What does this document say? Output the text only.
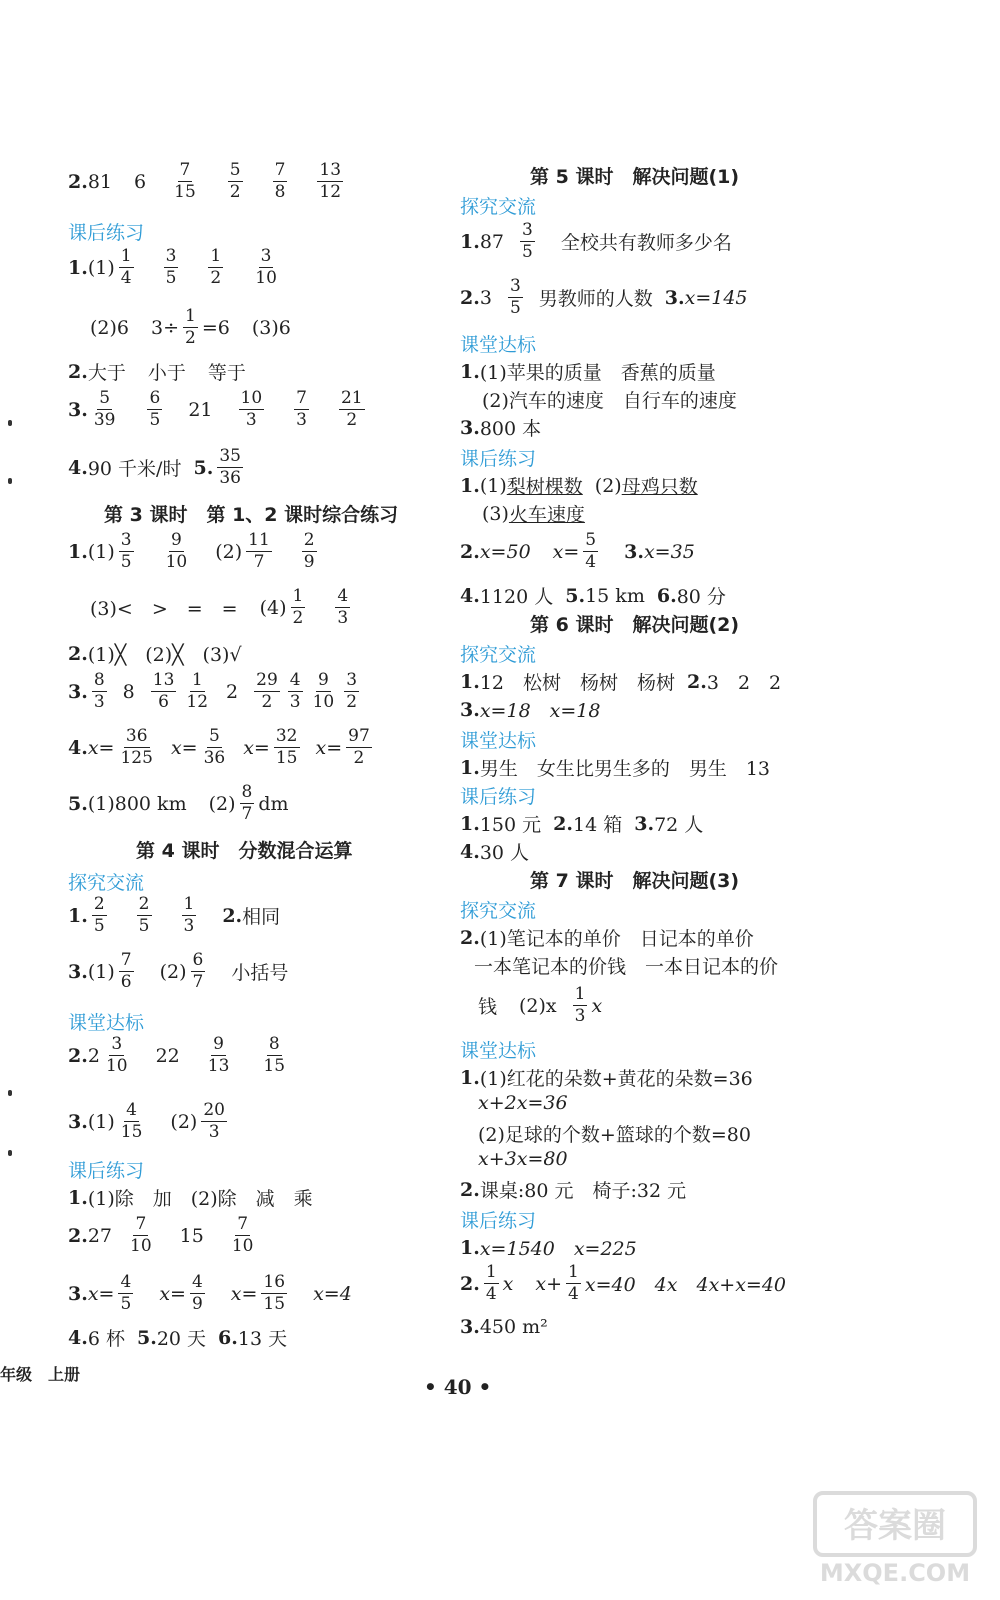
2. 81 $6 \frac{7}{15} \frac{5}{2} \frac{7}{8} \frac{13}{12}$
课后练习
1. $(1) \frac{1}{4} \frac{3}{5} \frac{1}{2} \frac{3}{10}$
(2)6 $3\div \frac{1}{2} =6$ (3)6
2. 大于 小于 等于
3. $\frac{5}{39} \frac{6}{5} 21 \frac{10}{3} \frac{7}{3} \frac{21}{2}$
4. 90 千米/时 5. $\frac{35}{36}$
第 3 课时　第 1、2 课时综合练习
1. $(1) \frac{3}{5} \frac{9}{10} (2) \frac{11}{7} \frac{2}{9}$
(3)<　>　=　= $(4) \frac{1}{2} \frac{4}{3}$
2. (1)╳　(2)╳　(3)√
3. $\frac{8}{3} 8 \frac{13}{6} \frac{1}{12} 2 \frac{29}{2} \frac{4}{3} \frac{9}{10} \frac{3}{2}$
4. $x= \frac{36}{125} x= \frac{5}{36} x= \frac{32}{15} x= \frac{97}{2}$
5. (1)800 km $(2) \frac{8}{7}$ dm
第 4 课时　分数混合运算
探究交流
1. $\frac{2}{5} \frac{2}{5} \frac{1}{3} 2$. 相同
3. $(1) \frac{7}{6} (2) \frac{6}{7}$ 小括号
课堂达标
2. $2 \frac{3}{10} 22 \frac{9}{13} \frac{8}{15}$
3. $(1) \frac{4}{15} (2) \frac{20}{3}$
课后练习
1. (1)除　加　(2)除　减　乘
2. $27 \frac{7}{10} 15 \frac{7}{10}$
3. $x= \frac{4}{5} x= \frac{4}{9} x= \frac{16}{15} x=4$
4. 6 杯 5. 20 天 6. 13 天
第 5 课时　解决问题(1)
探究交流
1. $87 \frac{3}{5}$ 全校共有教师多少名
2. $3 \frac{3}{5}$ 男教师的人数 3. x=145
课堂达标
1. (1)苹果的质量　香蕉的质量
(2)汽车的速度　自行车的速度
3. 800 本
课后练习
1. (1) 梨树棵数 (2) 母鸡只数
(3) 火车速度
2. x=50 $x= \frac{5}{4} 3$. x=35
4. 1120 人 5. 15 km 6. 80 分
第 6 课时　解决问题(2)
探究交流
1. 12　松树　杨树　杨树 2. 3　2　2
3. x=18　x=18
课堂达标
1. 男生　女生比男生多的　男生　13
课后练习
1. 150 元 2. 14 箱 3. 72 人
4. 30 人
第 7 课时　解决问题(3)
探究交流
2. (1)笔记本的单价　日记本的单价
一本笔记本的价钱　一本日记本的价
钱 $(2)x \frac{1}{3}$ x
课堂达标
1. (1)红花的朵数+黄花的朵数=36
x+2x=36
(2)足球的个数+篮球的个数=80
x+3x=80
2. 课桌:80 元　椅子:32 元
课后练习
1. x=1540　x=225
2. $\frac{1}{4}$ x $x+ \frac{1}{4} x=40$　4x　4x+x=40
3. 450 m²
年级　上册
• 40 •
答案圈
MXQE.COM
